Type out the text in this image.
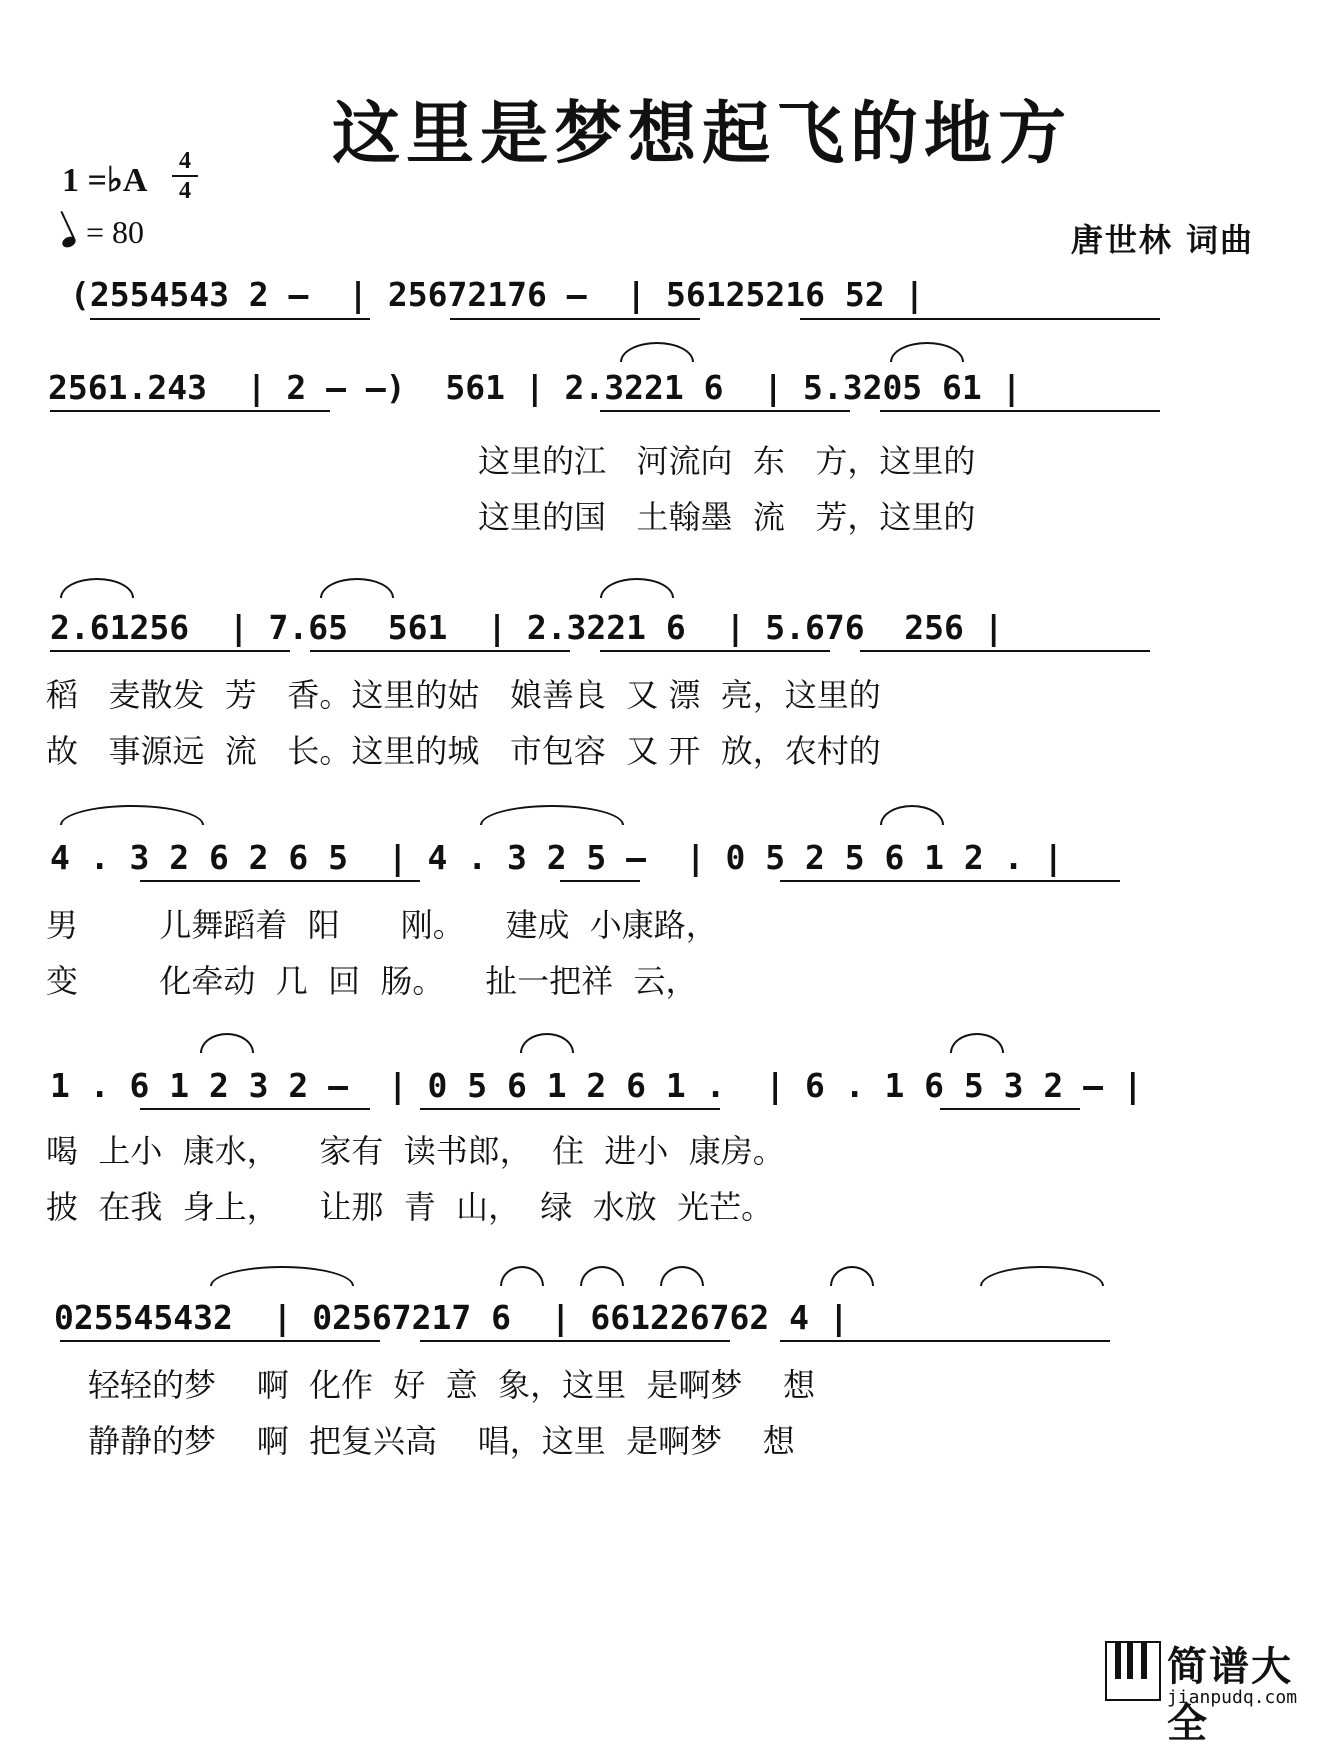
这里是梦想起飞的地方
1 =♭A
4
4
= 80	唐世林 词曲
(2554543 2 –  | 25672176 –  | 56125216 52 |
2561.243  | 2 – –)  561 | 2.3221 6  | 5.3205 61 |
这里的江   河流向  东   方，这里的
这里的国   土翰墨  流   芳，这里的
2.61256  | 7.65  561  | 2.3221 6  | 5.676  256 |
稻   麦散发  芳   香。这里的姑   娘善良  又 漂  亮，这里的
故   事源远  流   长。这里的城   市包容  又 开  放，农村的
4 . 3 2 6 2 6 5  | 4 . 3 2 5 –  | 0 5 2 5 6 1 2 . |
男        儿舞蹈着  阳      刚。    建成  小康路，
变        化牵动  几  回  肠。    扯一把祥  云，
1 . 6 1 2 3 2 –  | 0 5 6 1 2 6 1 .  | 6 . 1 6 5 3 2 – |
喝  上小  康水，    家有  读书郎，  住  进小  康房。
披  在我  身上，    让那  青  山，  绿  水放  光芒。
025545432  | 02567217 6  | 661226762 4 |
轻轻的梦    啊  化作  好  意  象，这里  是啊梦    想
静静的梦    啊  把复兴高    唱，这里  是啊梦    想
简谱大全
jianpudq.com
